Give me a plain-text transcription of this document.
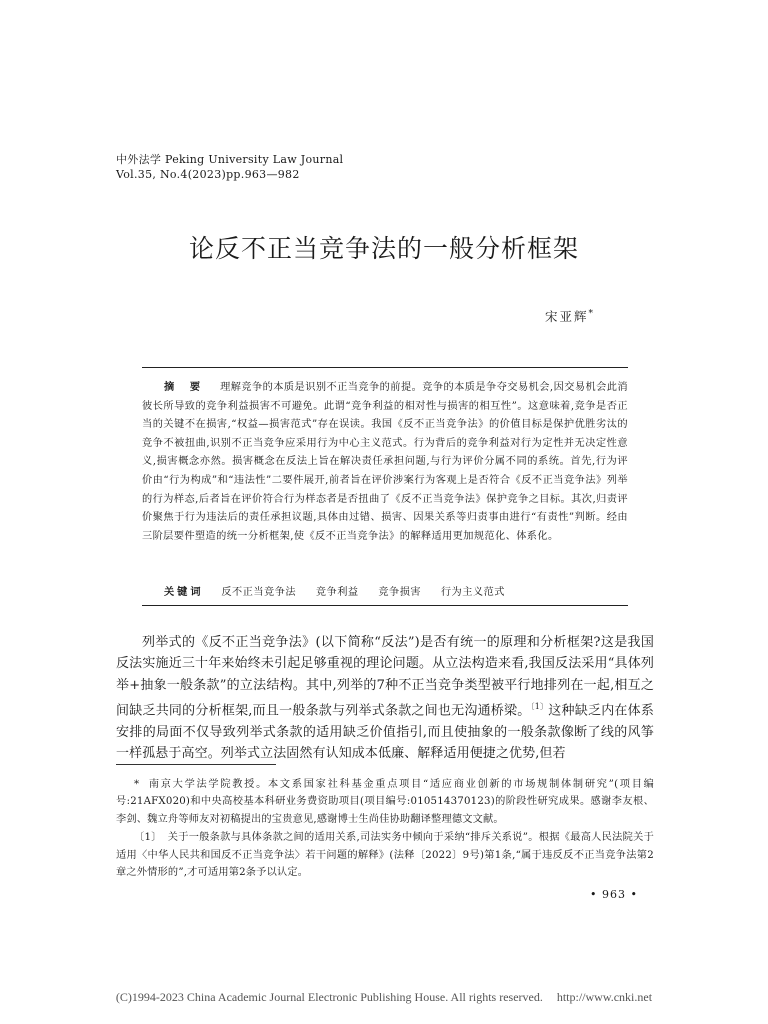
中外法学 Peking University Law Journal
Vol.35, No.4(2023)pp.963—982
论反不正当竞争法的一般分析框架
宋亚辉*
摘 要 理解竞争的本质是识别不正当竞争的前提。竞争的本质是争夺交易机会,因交易机会此消彼长所导致的竞争利益损害不可避免。此谓“竞争利益的相对性与损害的相互性”。这意味着,竞争是否正当的关键不在损害,“权益—损害范式”存在误读。我国《反不正当竞争法》的价值目标是保护优胜劣汰的竞争不被扭曲,识别不正当竞争应采用行为中心主义范式。行为背后的竞争利益对行为定性并无决定性意义,损害概念亦然。损害概念在反法上旨在解决责任承担问题,与行为评价分属不同的系统。首先,行为评价由“行为构成”和“违法性”二要件展开,前者旨在评价涉案行为客观上是否符合《反不正当竞争法》列举的行为样态,后者旨在评价符合行为样态者是否扭曲了《反不正当竞争法》保护竞争之目标。其次,归责评价聚焦于行为违法后的责任承担议题,具体由过错、损害、因果关系等归责事由进行“有责性”判断。经由三阶层要件塑造的统一分析框架,使《反不正当竞争法》的解释适用更加规范化、体系化。
关键词 反不正当竞争法 竞争利益 竞争损害 行为主义范式

列举式的《反不正当竞争法》(以下简称“反法”)是否有统一的原理和分析框架?这是我国反法实施近三十年来始终未引起足够重视的理论问题。从立法构造来看,我国反法采用“具体列举+抽象一般条款”的立法结构。其中,列举的7种不正当竞争类型被平行地排列在一起,相互之间缺乏共同的分析框架,而且一般条款与列举式条款之间也无沟通桥梁。$^{〔1〕}$这种缺乏内在体系安排的局面不仅导致列举式条款的适用缺乏价值指引,而且使抽象的一般条款像断了线的风筝一样孤悬于高空。列举式立法固然有认知成本低廉、解释适用便捷之优势,但若

* 南京大学法学院教授。本文系国家社科基金重点项目“适应商业创新的市场规制体制研究”(项目编号:21AFX020)和中央高校基本科研业务费资助项目(项目编号:010514370123)的阶段性研究成果。感谢李友根、李剑、魏立舟等师友对初稿提出的宝贵意见,感谢博士生尚佳协助翻译整理德文文献。

〔1〕 关于一般条款与具体条款之间的适用关系,司法实务中倾向于采纳“排斥关系说”。根据《最高人民法院关于适用〈中华人民共和国反不正当竞争法〉若干问题的解释》(法释〔2022〕9号)第1条,“属于违反反不正当竞争法第2章之外情形的”,才可适用第2条予以认定。

• 963 •
(C)1994-2023 China Academic Journal Electronic Publishing House. All rights reserved. http://www.cnki.net
